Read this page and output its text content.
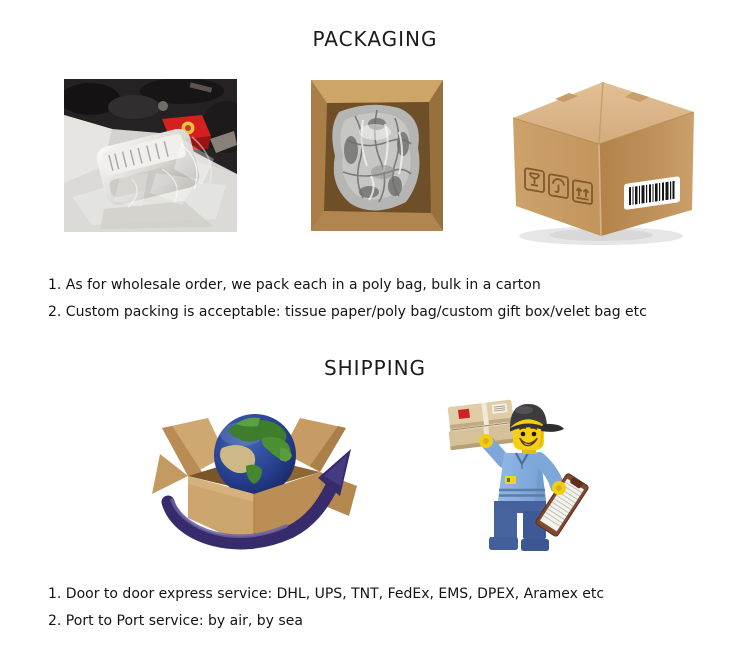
PACKAGING

1. As for wholesale order, we pack each in a poly bag, bulk in a carton

2. Custom packing is acceptable: tissue paper/poly bag/custom gift box/velet bag etc

SHIPPING

1. Door to door express service: DHL, UPS, TNT, FedEx, EMS, DPEX, Aramex etc

2. Port to Port service: by air, by sea
